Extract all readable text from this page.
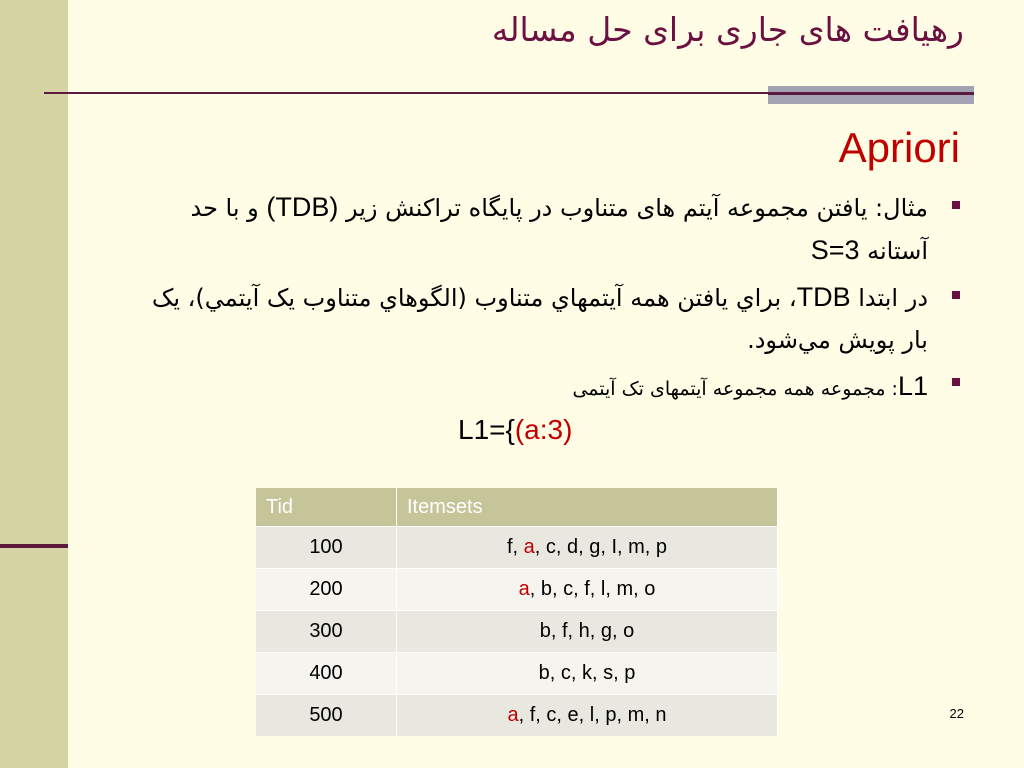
رهیافت های جاری برای حل مساله
Apriori
مثال: یافتن مجموعه آیتم های متناوب در پایگاه تراکنش زیر (TDB) و با حد آستانه S=3
در ابتدا TDB، براي يافتن همه آيتمهاي متناوب (الگوهاي متناوب يک آيتمي)، يک بار پويش مي‌شود.
L1: مجموعه همه مجموعه آیتمهای تک آیتمی
L1={(a:3)
Tid	Itemsets
100	f, a, c, d, g, I, m, p
200	a, b, c, f, l, m, o
300	b, f, h, g, o
400	b, c, k, s, p
500	a, f, c, e, l, p, m, n	22
